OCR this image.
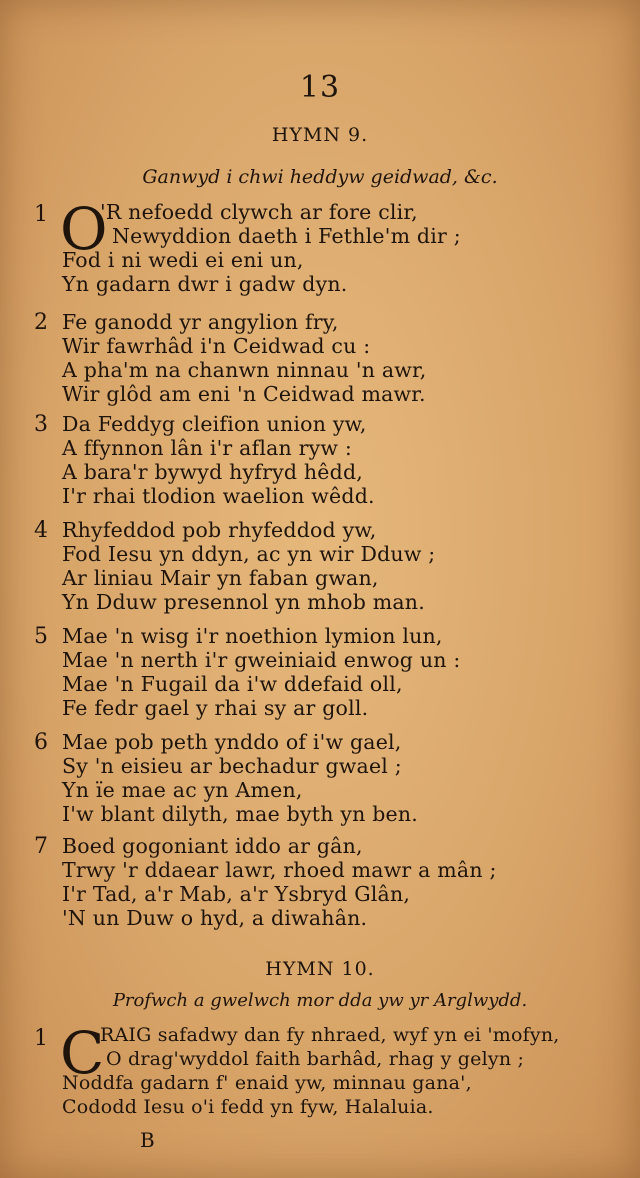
13
HYMN 9.
Ganwyd i chwi heddyw geidwad, &c.
1 O
'R nefoedd clywch ar fore clir,
Newyddion daeth i Fethle'm dir ;
Fod i ni wedi ei eni un,
Yn gadarn dwr i gadw dyn.
2 Fe ganodd yr angylion fry,
Wir fawrhâd i'n Ceidwad cu :
A pha'm na chanwn ninnau 'n awr,
Wir glôd am eni 'n Ceidwad mawr.
3 Da Feddyg cleifion union yw,
A ffynnon lân i'r aflan ryw :
A bara'r bywyd hyfryd hêdd,
I'r rhai tlodion waelion wêdd.
4 Rhyfeddod pob rhyfeddod yw,
Fod Iesu yn ddyn, ac yn wir Dduw ;
Ar liniau Mair yn faban gwan,
Yn Dduw presennol yn mhob man.
5 Mae 'n wisg i'r noethion lymion lun,
Mae 'n nerth i'r gweiniaid enwog un :
Mae 'n Fugail da i'w ddefaid oll,
Fe fedr gael y rhai sy ar goll.
6 Mae pob peth ynddo of i'w gael,
Sy 'n eisieu ar bechadur gwael ;
Yn ïe mae ac yn Amen,
I'w blant dilyth, mae byth yn ben.
7 Boed gogoniant iddo ar gân,
Trwy 'r ddaear lawr, rhoed mawr a mân ;
I'r Tad, a'r Mab, a'r Ysbryd Glân,
'N un Duw o hyd, a diwahân.
HYMN 10.
Profwch a gwelwch mor dda yw yr Arglwydd.
1 C
RAIG safadwy dan fy nhraed, wyf yn ei 'mofyn,
O drag'wyddol faith barhâd, rhag y gelyn ;
Noddfa gadarn f' enaid yw, minnau gana',
Cododd Iesu o'i fedd yn fyw, Halaluia.
B
